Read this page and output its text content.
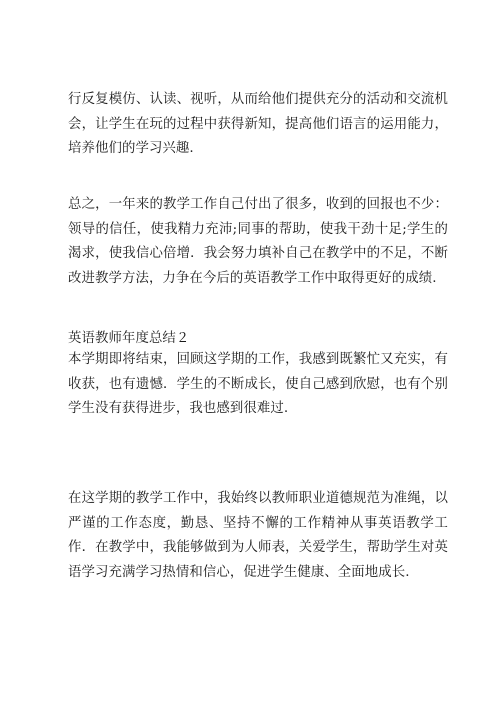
行反复模仿、认读、视听，从而给他们提供充分的活动和交流机
会，让学生在玩的过程中获得新知，提高他们语言的运用能力，
培养他们的学习兴趣.
总之，一年来的教学工作自己付出了很多，收到的回报也不少：
领导的信任，使我精力充沛;同事的帮助，使我干劲十足;学生的
渴求，使我信心倍增．我会努力填补自己在教学中的不足，不断
改进教学方法，力争在今后的英语教学工作中取得更好的成绩.
英语教师年度总结２
本学期即将结束，回顾这学期的工作，我感到既繁忙又充实，有
收获，也有遗憾．学生的不断成长，使自己感到欣慰，也有个别
学生没有获得进步，我也感到很难过.
在这学期的教学工作中，我始终以教师职业道德规范为准绳，以
严谨的工作态度，勤恳、坚持不懈的工作精神从事英语教学工
作．在教学中，我能够做到为人师表，关爱学生，帮助学生对英
语学习充满学习热情和信心，促进学生健康、全面地成长.
